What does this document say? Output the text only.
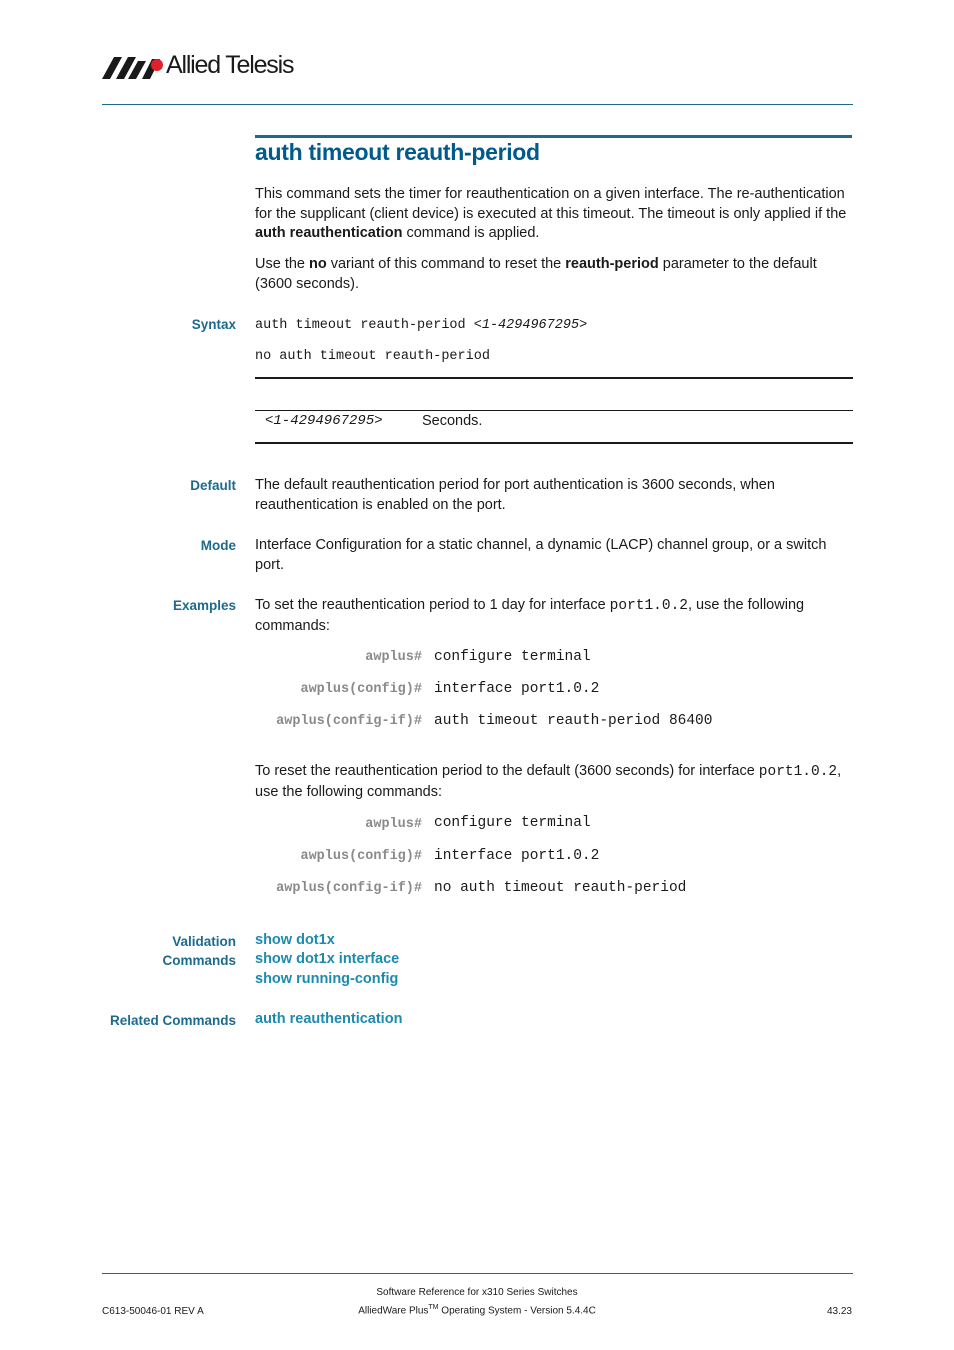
Allied Telesis
auth timeout reauth-period
This command sets the timer for reauthentication on a given interface. The re-authentication for the supplicant (client device) is executed at this timeout. The timeout is only applied if the auth reauthentication command is applied.
Use the no variant of this command to reset the reauth-period parameter to the default (3600 seconds).
Syntax auth timeout reauth-period <1-4294967295>
no auth timeout reauth-period
<1-4294967295>	Seconds.
Default The default reauthentication period for port authentication is 3600 seconds, when reauthentication is enabled on the port.
Mode Interface Configuration for a static channel, a dynamic (LACP) channel group, or a switch port.
Examples To set the reauthentication period to 1 day for interface port1.0.2, use the following commands:
awplus# configure terminal
awplus(config)# interface port1.0.2
awplus(config-if)# auth timeout reauth-period 86400
To reset the reauthentication period to the default (3600 seconds) for interface port1.0.2, use the following commands:
awplus# configure terminal
awplus(config)# interface port1.0.2
awplus(config-if)# no auth timeout reauth-period
Validation
Commands
show dot1x
show dot1x interface
show running-config
Related Commands auth reauthentication
Software Reference for x310 Series Switches
C613-50046-01 REV A	AlliedWare Plus™ Operating System - Version 5.4.4C	43.23
